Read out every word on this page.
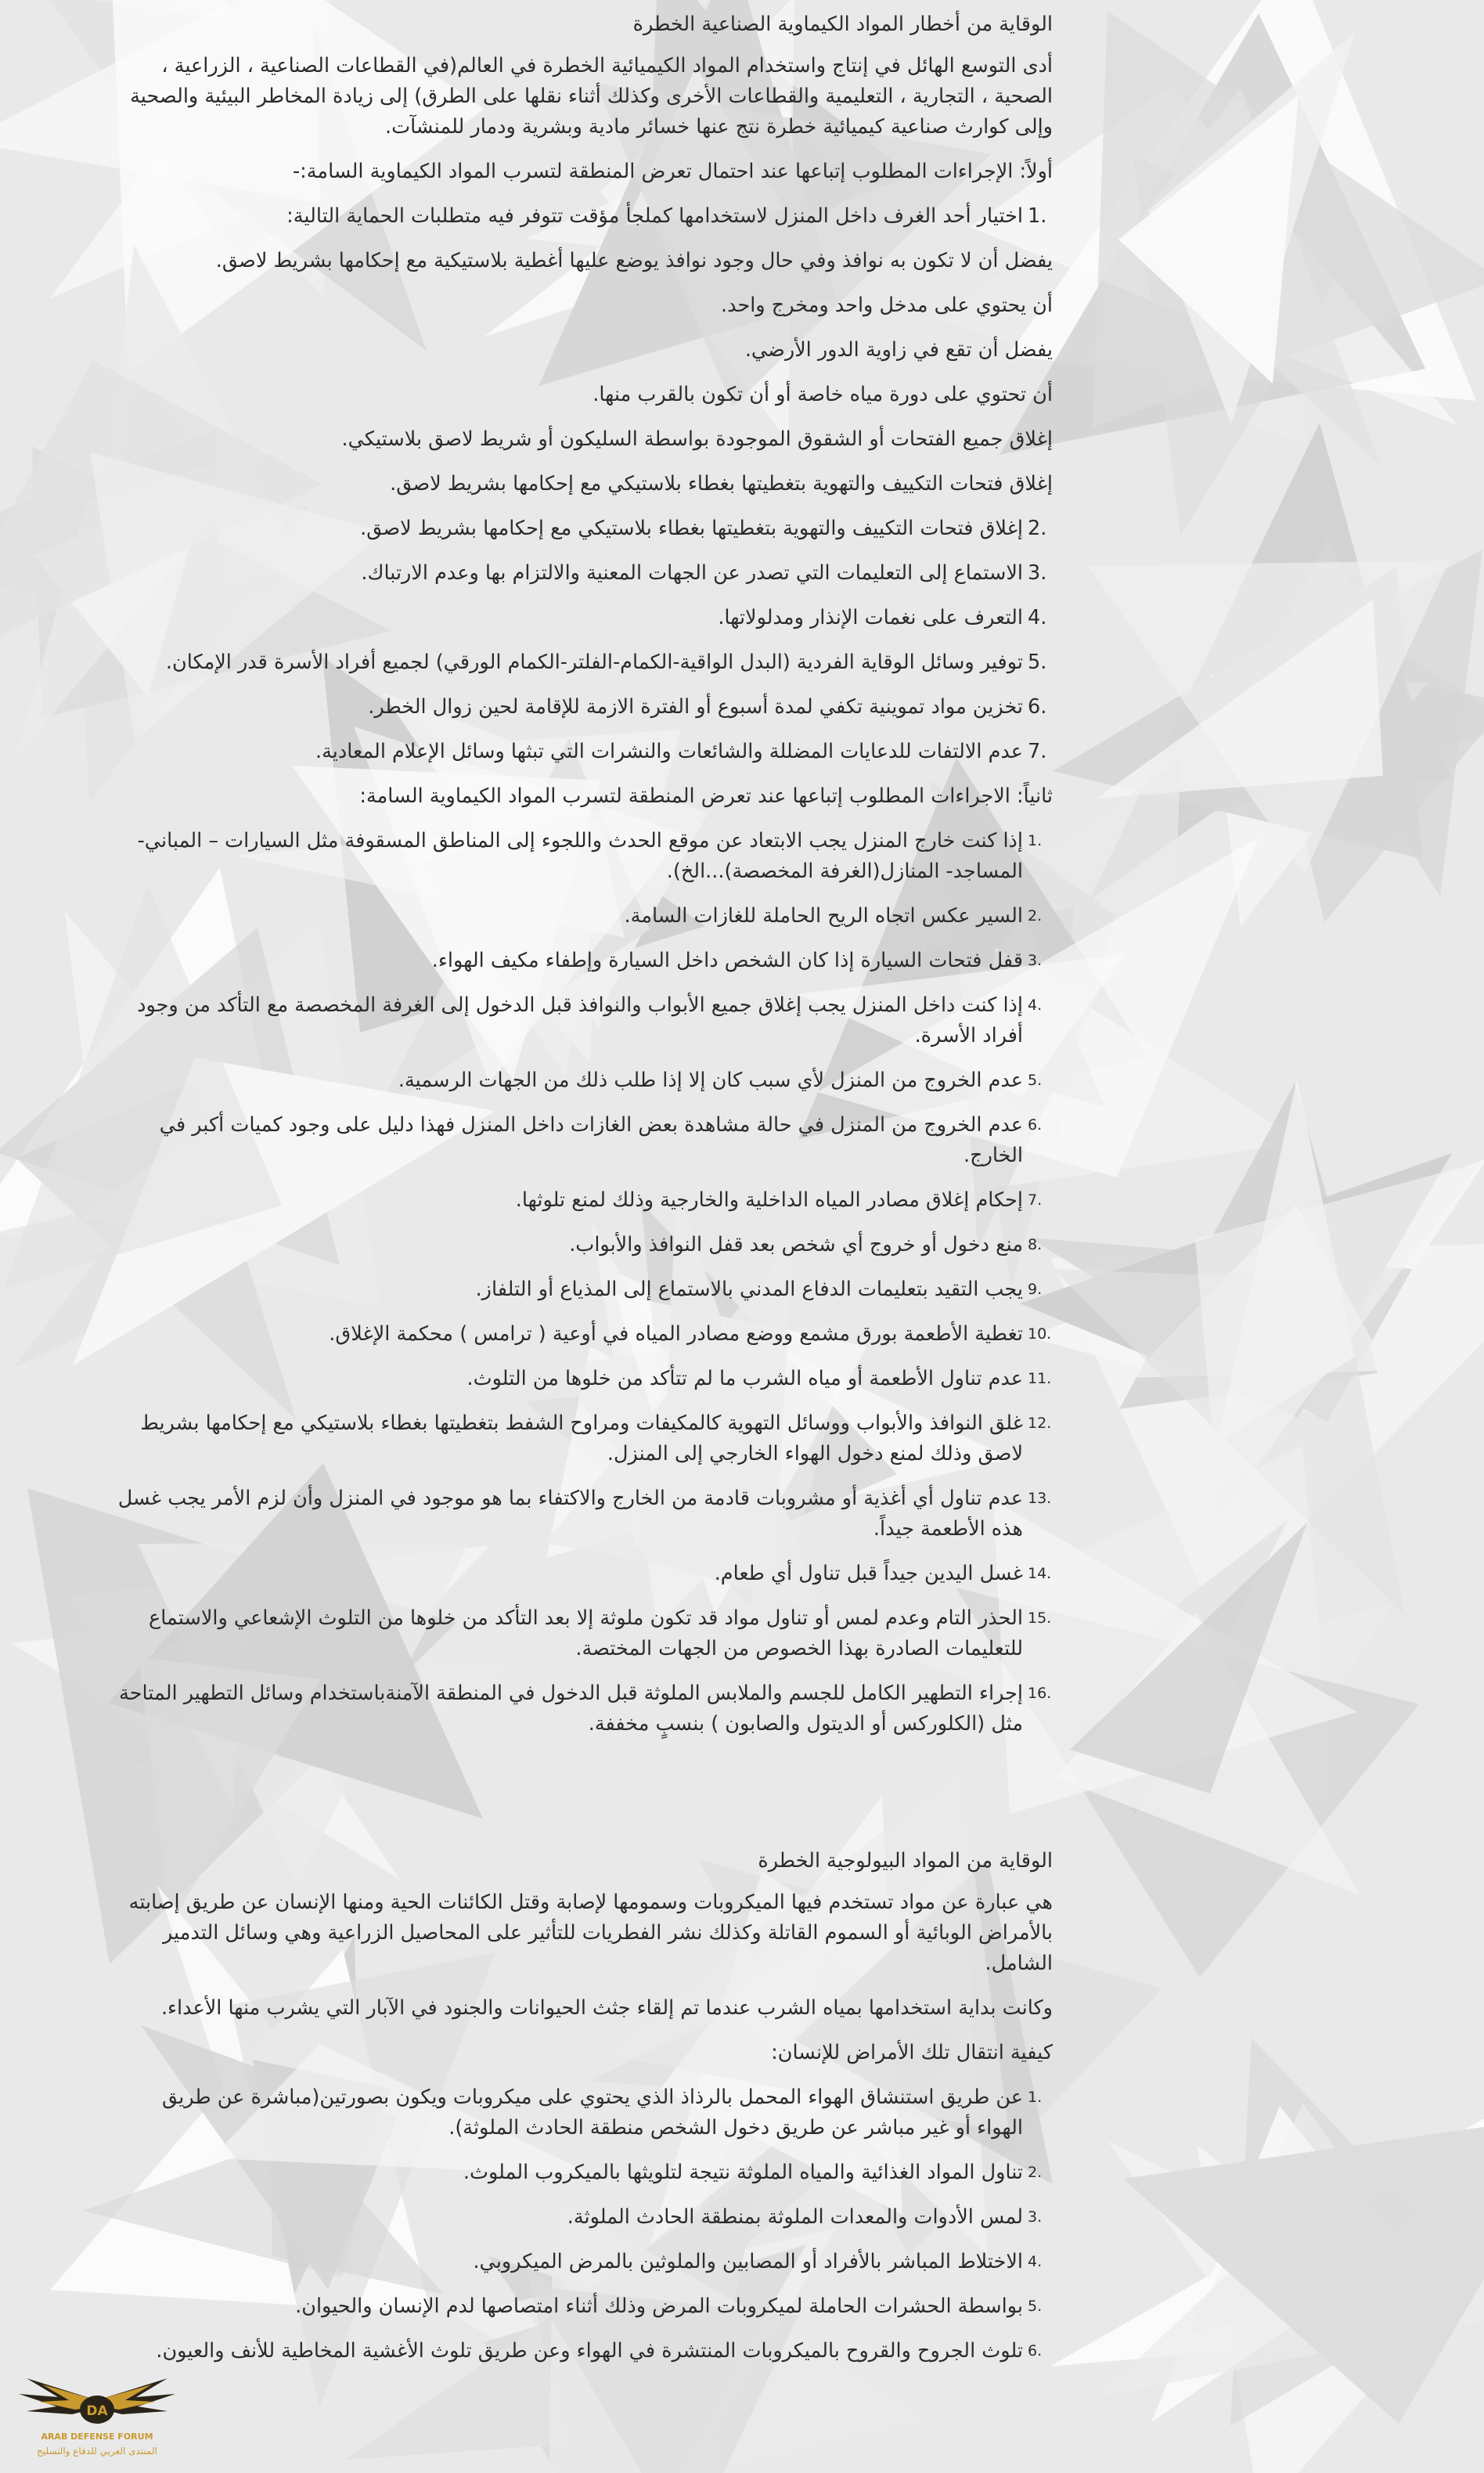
الوقاية من أخطار المواد الكيماوية الصناعية الخطرة

أدى التوسع الهائل في إنتاج واستخدام المواد الكيميائية الخطرة في العالم(في القطاعات الصناعية ، الزراعية ، الصحية ، التجارية ، التعليمية والقطاعات الأخرى وكذلك أثناء نقلها على الطرق) إلى زيادة المخاطر البيئية والصحية وإلى كوارث صناعية كيميائية خطرة نتج عنها خسائر مادية وبشرية ودمار للمنشآت.

أولاً: الإجراءات المطلوب إتباعها عند احتمال تعرض المنطقة لتسرب المواد الكيماوية السامة:-

1.
اختيار أحد الغرف داخل المنزل لاستخدامها كملجأ مؤقت تتوفر فيه متطلبات الحماية التالية:

يفضل أن لا تكون به نوافذ وفي حال وجود نوافذ يوضع عليها أغطية بلاستيكية مع إحكامها بشريط لاصق.

أن يحتوي على مدخل واحد ومخرج واحد.

يفضل أن تقع في زاوية الدور الأرضي.

أن تحتوي على دورة مياه خاصة أو أن تكون بالقرب منها.

إغلاق جميع الفتحات أو الشقوق الموجودة بواسطة السليكون أو شريط لاصق بلاستيكي.

إغلاق فتحات التكييف والتهوية بتغطيتها بغطاء بلاستيكي مع إحكامها بشريط لاصق.

2.
إغلاق فتحات التكييف والتهوية بتغطيتها بغطاء بلاستيكي مع إحكامها بشريط لاصق.
3.
الاستماع إلى التعليمات التي تصدر عن الجهات المعنية والالتزام بها وعدم الارتباك.
4.
التعرف على نغمات الإنذار ومدلولاتها.
5.
توفير وسائل الوقاية الفردية (البدل الواقية-الكمام-الفلتر-الكمام الورقي) لجميع أفراد الأسرة قدر الإمكان.
6.
تخزين مواد تموينية تكفي لمدة أسبوع أو الفترة الازمة للإقامة لحين زوال الخطر.
7.
عدم الالتفات للدعايات المضللة والشائعات والنشرات التي تبثها وسائل الإعلام المعادية.

ثانياً: الاجراءات المطلوب إتباعها عند تعرض المنطقة لتسرب المواد الكيماوية السامة:

1.
إذا كنت خارج المنزل يجب الابتعاد عن موقع الحدث واللجوء إلى المناطق المسقوفة مثل السيارات – المباني-المساجد- المنازل(الغرفة المخصصة)...الخ).
2.
السير عكس اتجاه الريح الحاملة للغازات السامة.
3.
قفل فتحات السيارة إذا كان الشخص داخل السيارة وإطفاء مكيف الهواء.
4.
إذا كنت داخل المنزل يجب إغلاق جميع الأبواب والنوافذ قبل الدخول إلى الغرفة المخصصة مع التأكد من وجود أفراد الأسرة.
5.
عدم الخروج من المنزل لأي سبب كان إلا إذا طلب ذلك من الجهات الرسمية.
6.
عدم الخروج من المنزل في حالة مشاهدة بعض الغازات داخل المنزل فهذا دليل على وجود كميات أكبر في الخارج.
7.
إحكام إغلاق مصادر المياه الداخلية والخارجية وذلك لمنع تلوثها.
8.
منع دخول أو خروج أي شخص بعد قفل النوافذ والأبواب.
9.
يجب التقيد بتعليمات الدفاع المدني بالاستماع إلى المذياع أو التلفاز.
10.
تغطية الأطعمة بورق مشمع ووضع مصادر المياه في أوعية ( ترامس ) محكمة الإغلاق.
11.
عدم تناول الأطعمة أو مياه الشرب ما لم تتأكد من خلوها من التلوث.
12.
غلق النوافذ والأبواب ووسائل التهوية كالمكيفات ومراوح الشفط بتغطيتها بغطاء بلاستيكي مع إحكامها بشريط لاصق وذلك لمنع دخول الهواء الخارجي إلى المنزل.
13.
عدم تناول أي أغذية أو مشروبات قادمة من الخارج والاكتفاء بما هو موجود في المنزل وأن لزم الأمر يجب غسل هذه الأطعمة جيداً.
14.
غسل اليدين جيداً قبل تناول أي طعام.
15.
الحذر التام وعدم لمس أو تناول مواد قد تكون ملوثة إلا بعد التأكد من خلوها من التلوث الإشعاعي والاستماع للتعليمات الصادرة بهذا الخصوص من الجهات المختصة.
16.
إجراء التطهير الكامل للجسم والملابس الملوثة قبل الدخول في المنطقة الآمنةباستخدام وسائل التطهير المتاحة مثل (الكلوركس أو الديتول والصابون ) بنسبٍ مخففة.
الوقاية من المواد البيولوجية الخطرة

هي عبارة عن مواد تستخدم فيها الميكروبات وسمومها لإصابة وقتل الكائنات الحية ومنها الإنسان عن طريق إصابته بالأمراض الوبائية أو السموم القاتلة وكذلك نشر الفطريات للتأثير على المحاصيل الزراعية وهي وسائل التدمير الشامل.

وكانت بداية استخدامها بمياه الشرب عندما تم إلقاء جثث الحيوانات والجنود في الآبار التي يشرب منها الأعداء.

كيفية انتقال تلك الأمراض للإنسان:

1.
عن طريق استنشاق الهواء المحمل بالرذاذ الذي يحتوي على ميكروبات ويكون بصورتين(مباشرة عن طريق الهواء أو غير مباشر عن طريق دخول الشخص منطقة الحادث الملوثة).
2.
تناول المواد الغذائية والمياه الملوثة نتيجة لتلويثها بالميكروب الملوث.
3.
لمس الأدوات والمعدات الملوثة بمنطقة الحادث الملوثة.
4.
الاختلاط المباشر بالأفراد أو المصابين والملوثين بالمرض الميكروبي.
5.
بواسطة الحشرات الحاملة لميكروبات المرض وذلك أثناء امتصاصها لدم الإنسان والحيوان.
6.
تلوث الجروح والقروح بالميكروبات المنتشرة في الهواء وعن طريق تلوث الأغشية المخاطية للأنف والعيون.
DA
ARAB DEFENSE FORUM
المنتدى العربي للدفاع والتسليح
